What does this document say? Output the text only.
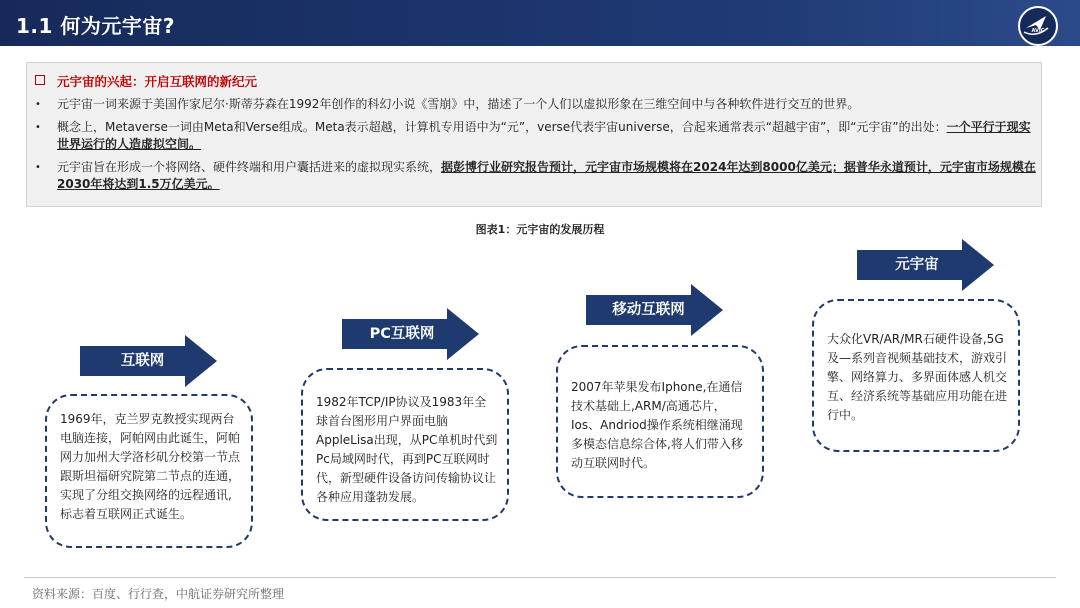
1.1 何为元宇宙?	AVIC
元宇宙的兴起：开启互联网的新纪元
• 元宇宙一词来源于美国作家尼尔·斯蒂芬森在1992年创作的科幻小说《雪崩》中，描述了一个人们以虚拟形象在三维空间中与各种软件进行交互的世界。
• 概念上，Metaverse一词由Meta和Verse组成。Meta表示超越，计算机专用语中为“元”，verse代表宇宙universe，合起来通常表示“超越宇宙”，即“元宇宙”的出处：一个平行于现实世界运行的人造虚拟空间。
• 元宇宙旨在形成一个将网络、硬件终端和用户囊括进来的虚拟现实系统，据彭博行业研究报告预计，元宇宙市场规模将在2024年达到8000亿美元；据普华永道预计，元宇宙市场规模在2030年将达到1.5万亿美元。
图表1：元宇宙的发展历程
互联网
1969年，克兰罗克教授实现两台电脑连接，阿帕网由此诞生，阿帕网力加州大学洛杉矶分校第一节点跟斯坦福研究院第二节点的连通，实现了分组交换网络的远程通讯,标志着互联网正式诞生。
PC互联网
1982年TCP/IP协议及1983年全球首台图形用户界面电脑AppleLisa出现，从PC单机时代到Pc局域网时代，再到PC互联网时代，新型硬件设备访问传输协议让各种应用蓬勃发展。
移动互联网
2007年苹果发布Iphone,在通信技术基础上,ARM/高通芯片，Ios、Andriod操作系统相继涌现多模态信息综合体,将人们带入移动互联网时代。
元宇宙
大众化VR/AR/MR石硬件设备,5G及—系列音视频基础技术，游戏引擎、网络算力、多界面体感人机交互、经济系统等基础应用功能在进行中。
资料来源：百度、行行查，中航证券研究所整理
